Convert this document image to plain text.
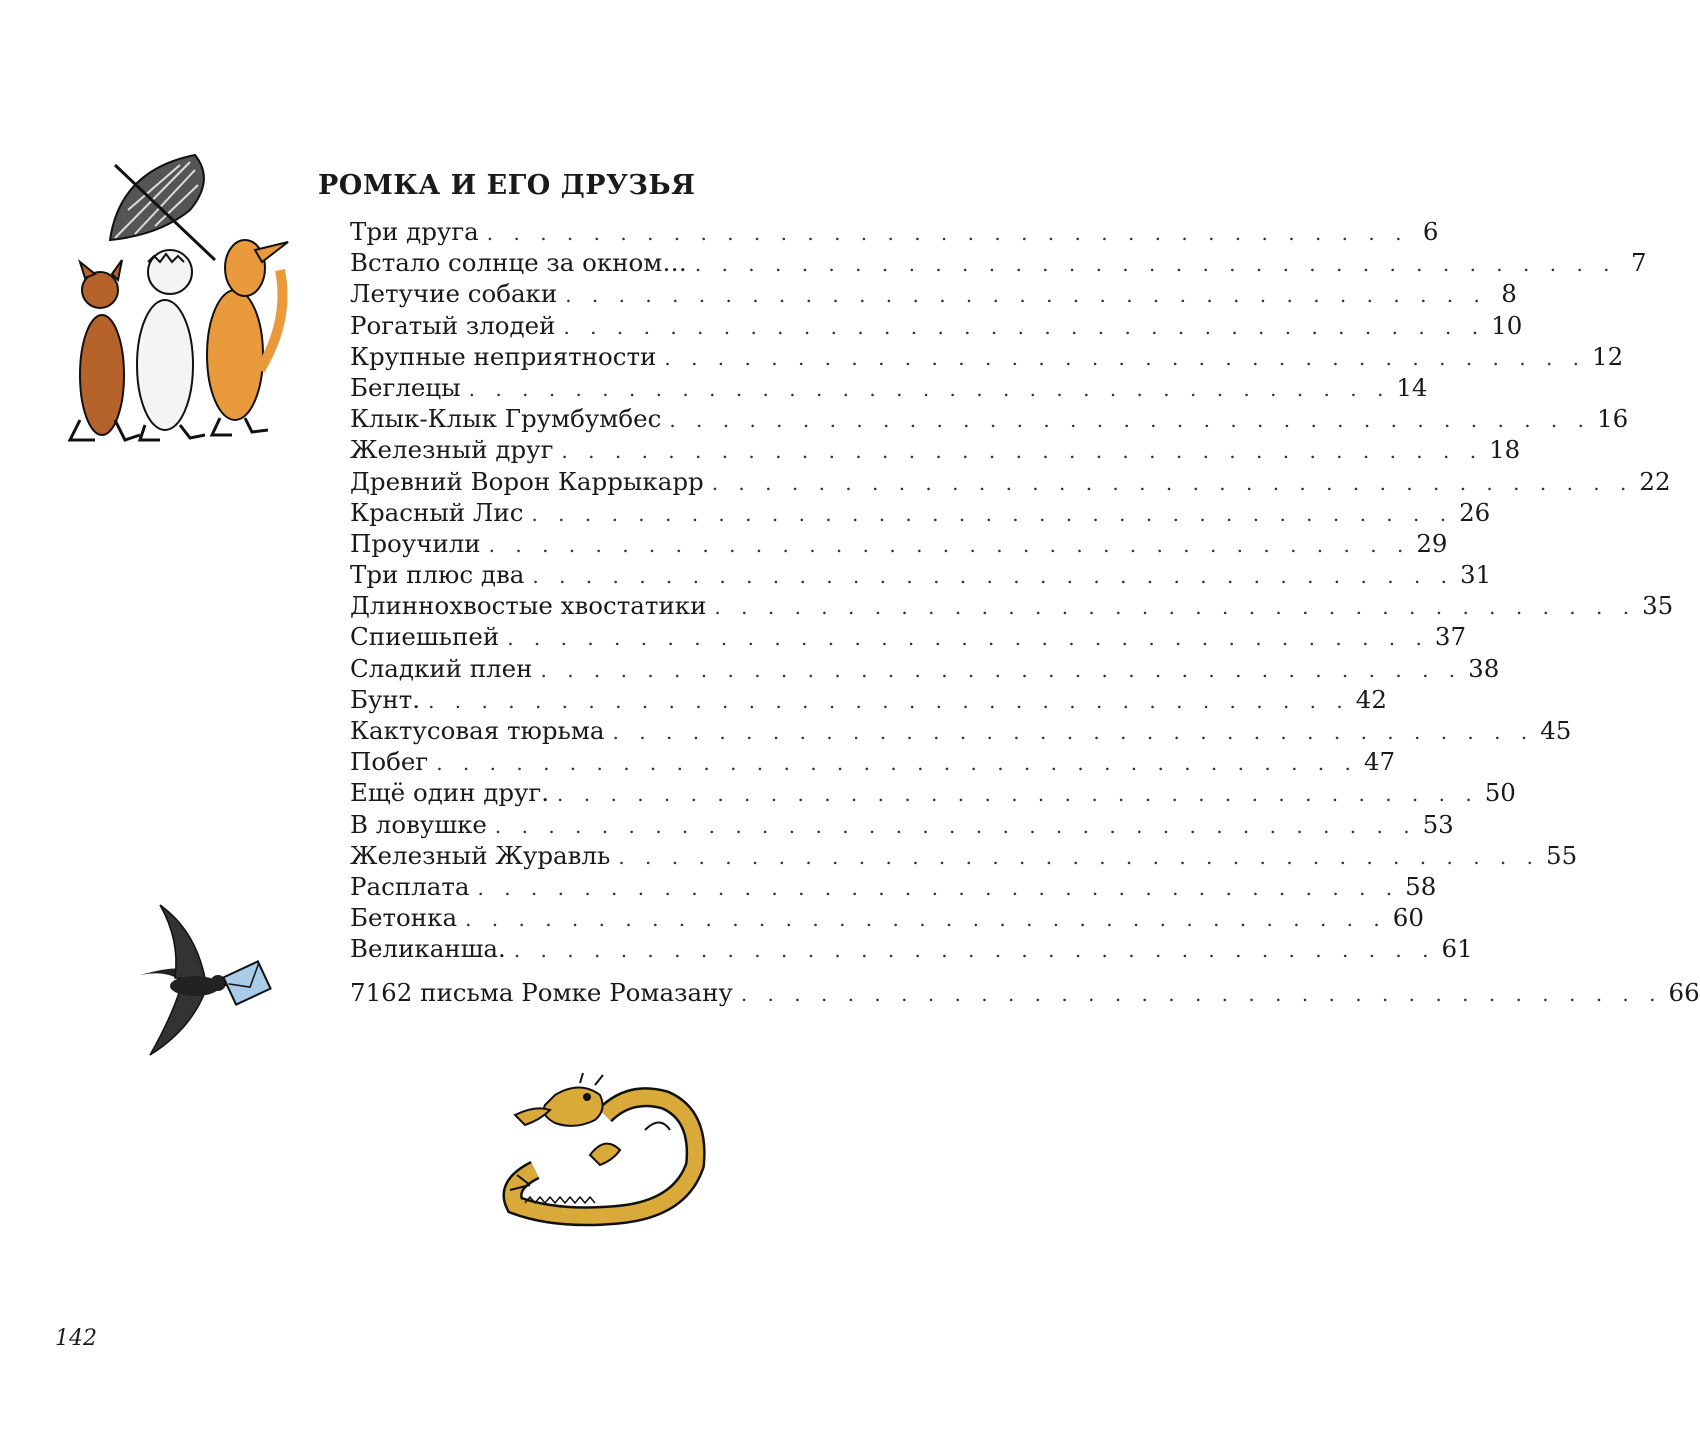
РОМКА И ЕГО ДРУЗЬЯ
Три друга . . . . . . . . . . . . . . . . . . . . . . . . . . . . . . . . . . . 6
Встало солнце за окном… . . . . . . . . . . . . . . . . . . . . . . . . . . . . . . . . . . . 7
Летучие собаки . . . . . . . . . . . . . . . . . . . . . . . . . . . . . . . . . . . 8
Рогатый злодей . . . . . . . . . . . . . . . . . . . . . . . . . . . . . . . . . . . 10
Крупные неприятности . . . . . . . . . . . . . . . . . . . . . . . . . . . . . . . . . . . 12
Беглецы . . . . . . . . . . . . . . . . . . . . . . . . . . . . . . . . . . . 14
Клык-Клык Грумбумбес . . . . . . . . . . . . . . . . . . . . . . . . . . . . . . . . . . . 16
Железный друг . . . . . . . . . . . . . . . . . . . . . . . . . . . . . . . . . . . 18
Древний Ворон Каррыкарр . . . . . . . . . . . . . . . . . . . . . . . . . . . . . . . . . . . 22
Красный Лис . . . . . . . . . . . . . . . . . . . . . . . . . . . . . . . . . . . 26
Проучили . . . . . . . . . . . . . . . . . . . . . . . . . . . . . . . . . . . 29
Три плюс два . . . . . . . . . . . . . . . . . . . . . . . . . . . . . . . . . . . 31
Длиннохвостые хвостатики . . . . . . . . . . . . . . . . . . . . . . . . . . . . . . . . . . . 35
Спиешьпей . . . . . . . . . . . . . . . . . . . . . . . . . . . . . . . . . . . 37
Сладкий плен . . . . . . . . . . . . . . . . . . . . . . . . . . . . . . . . . . . 38
Бунт. . . . . . . . . . . . . . . . . . . . . . . . . . . . . . . . . . . . 42
Кактусовая тюрьма . . . . . . . . . . . . . . . . . . . . . . . . . . . . . . . . . . . 45
Побег . . . . . . . . . . . . . . . . . . . . . . . . . . . . . . . . . . . 47
Ещё один друг. . . . . . . . . . . . . . . . . . . . . . . . . . . . . . . . . . . . 50
В ловушке . . . . . . . . . . . . . . . . . . . . . . . . . . . . . . . . . . . 53
Железный Журавль . . . . . . . . . . . . . . . . . . . . . . . . . . . . . . . . . . . 55
Расплата . . . . . . . . . . . . . . . . . . . . . . . . . . . . . . . . . . . 58
Бетонка . . . . . . . . . . . . . . . . . . . . . . . . . . . . . . . . . . . 60
Великанша. . . . . . . . . . . . . . . . . . . . . . . . . . . . . . . . . . . . 61
7162 письма Ромке Ромазану . . . . . . . . . . . . . . . . . . . . . . . . . . . . . . . . . . . 66

142
